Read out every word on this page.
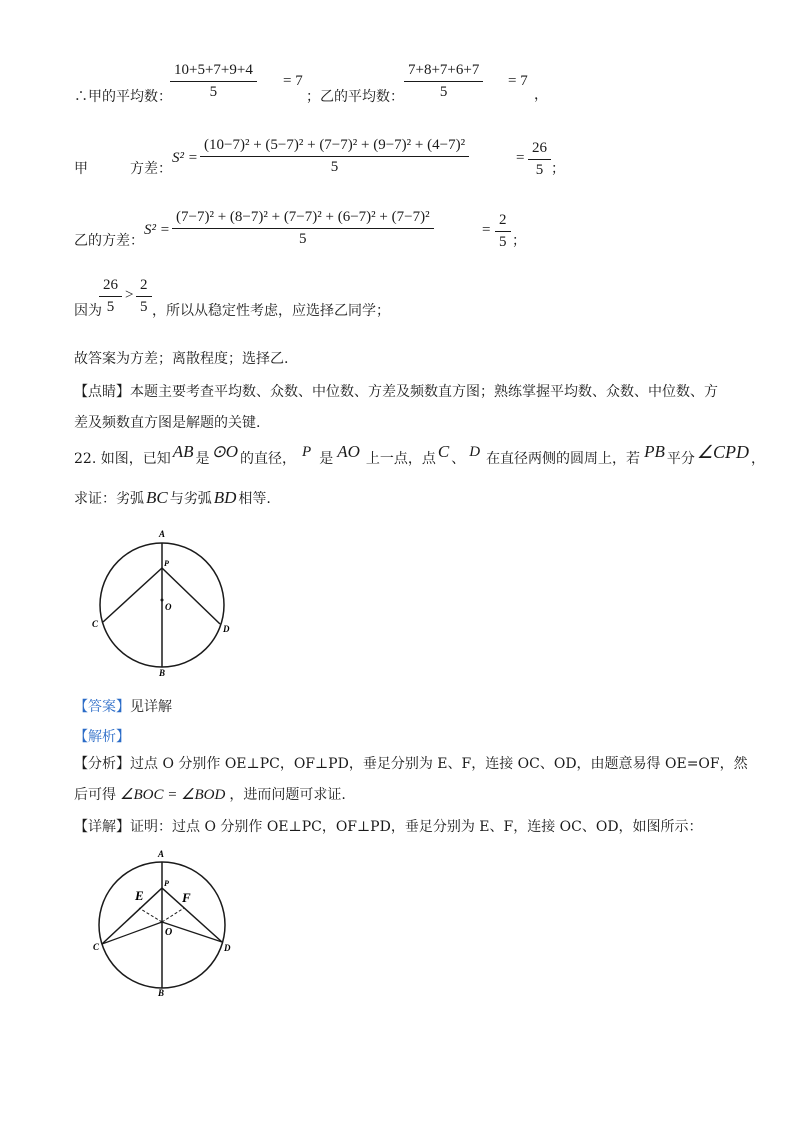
∴甲的平均数：
10+5+7+9+4
5
= 7
；乙的平均数：
7+8+7+6+7
5
= 7
，
甲	方差：
S² =
(10−7)² + (5−7)² + (7−7)² + (9−7)² + (4−7)²
5
=
26
5 ；
乙的方差：
S² =
(7−7)² + (8−7)² + (7−7)² + (6−7)² + (7−7)²
5
=
2
5 ；
因为
26
5
>
2
5 ，所以从稳定性考虑，应选择乙同学；
故答案为方差；离散程度；选择乙.
【点睛】本题主要考查平均数、众数、中位数、方差及频数直方图；熟练掌握平均数、众数、中位数、方
差及频数直方图是解题的关键.
22. 如图，已知 AB 是 ⊙O 的直径， P 是 AO 上一点，点 C 、 D 在直径两侧的圆周上，若 PB 平分 ∠CPD ，
求证：劣弧 BC 与劣弧 BD 相等.
A
P
O
C	D
B
【答案】见详解
【解析】
【分析】过点 O 分别作 OE⊥PC，OF⊥PD，垂足分别为 E、F，连接 OC、OD，由题意易得 OE=OF，然
后可得 ∠BOC = ∠BOD ，进而问题可求证.
【详解】证明：过点 O 分别作 OE⊥PC，OF⊥PD，垂足分别为 E、F，连接 OC、OD，如图所示：
A
P
E	F
O
C	D
B
